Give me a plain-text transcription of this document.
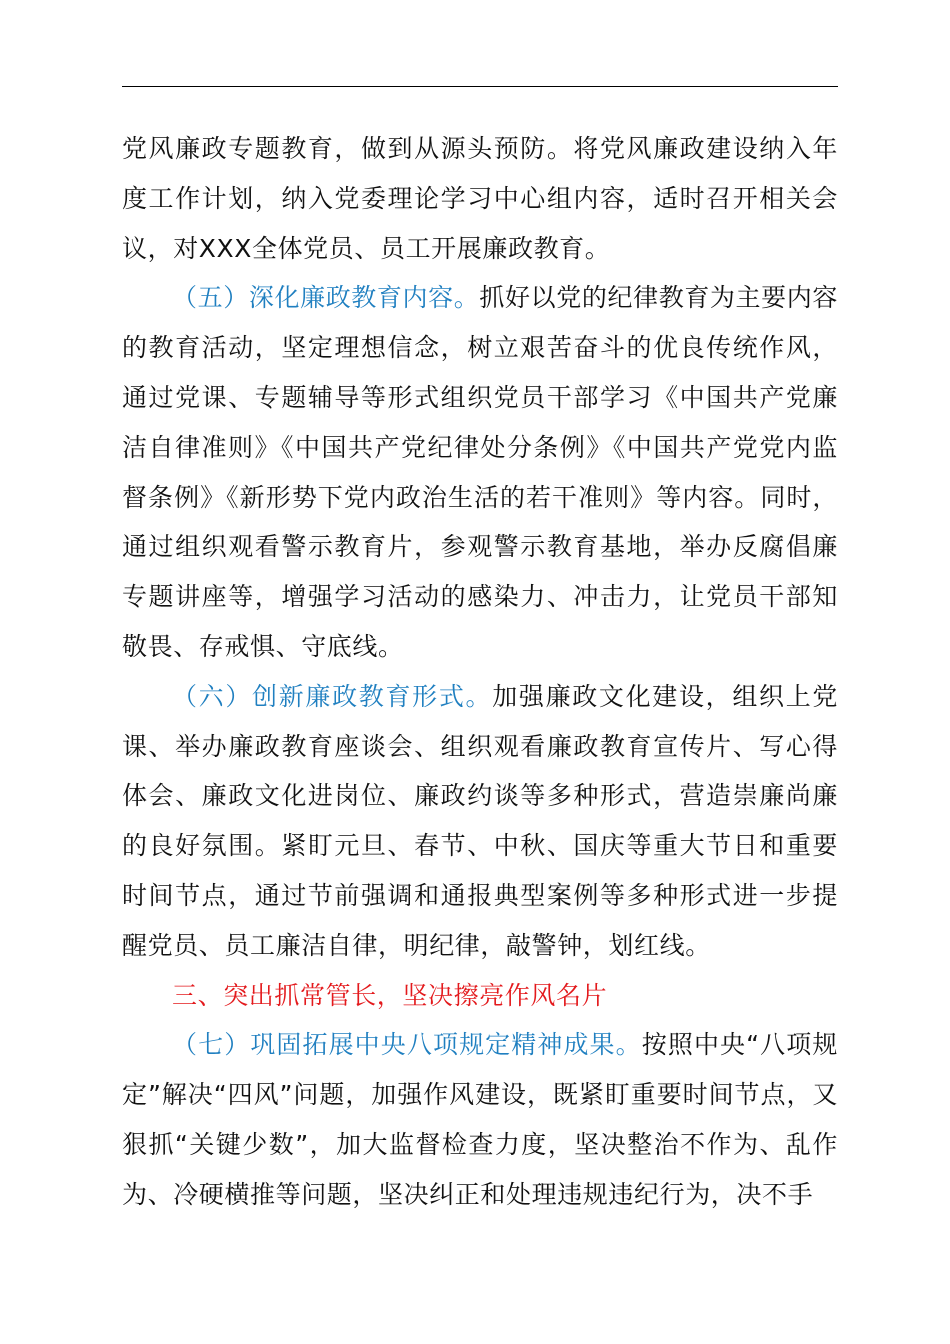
党风廉政专题教育，做到从源头预防。将党风廉政建设纳入年度工作计划，纳入党委理论学习中心组内容，适时召开相关会议，对XXX全体党员、员工开展廉政教育。

（五）深化廉政教育内容。抓好以党的纪律教育为主要内容的教育活动，坚定理想信念，树立艰苦奋斗的优良传统作风，通过党课、专题辅导等形式组织党员干部学习《中国共产党廉洁自律准则》《中国共产党纪律处分条例》《中国共产党党内监督条例》《新形势下党内政治生活的若干准则》等内容。同时，通过组织观看警示教育片，参观警示教育基地，举办反腐倡廉专题讲座等，增强学习活动的感染力、冲击力，让党员干部知敬畏、存戒惧、守底线。

（六）创新廉政教育形式。加强廉政文化建设，组织上党课、举办廉政教育座谈会、组织观看廉政教育宣传片、写心得体会、廉政文化进岗位、廉政约谈等多种形式，营造崇廉尚廉的良好氛围。紧盯元旦、春节、中秋、国庆等重大节日和重要时间节点，通过节前强调和通报典型案例等多种形式进一步提醒党员、员工廉洁自律，明纪律，敲警钟，划红线。

三、突出抓常管长，坚决擦亮作风名片

（七）巩固拓展中央八项规定精神成果。按照中央“八项规定”解决“四风”问题，加强作风建设，既紧盯重要时间节点，又狠抓“关键少数”，加大监督检查力度，坚决整治不作为、乱作为、冷硬横推等问题，坚决纠正和处理违规违纪行为，决不手
